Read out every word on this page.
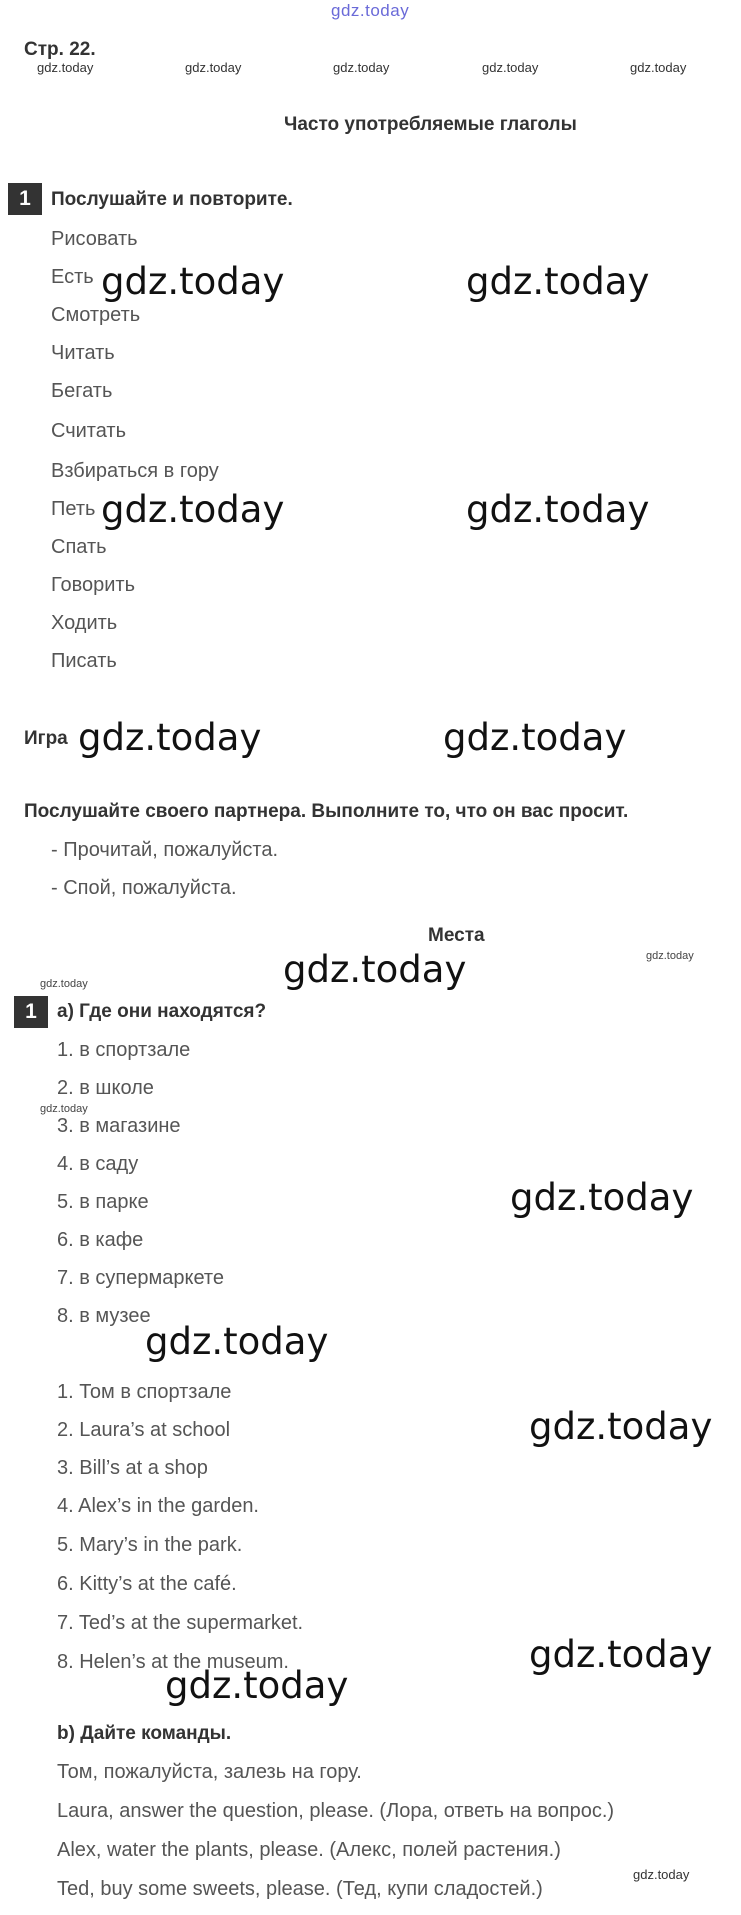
gdz.today
Стр. 22.
gdz.today	gdz.today	gdz.today	gdz.today	gdz.today
Часто употребляемые глаголы
1	Послушайте и повторите.
Рисовать
Есть
Смотреть
Читать
Бегать
Считать
Взбираться в гору
Петь
Спать
Говорить
Ходить
Писать
gdz.today	gdz.today
gdz.today	gdz.today
Игра gdz.today	gdz.today
Послушайте своего партнера. Выполните то, что он вас просит.
- Прочитай, пожалуйста.
- Спой, пожалуйста.
Места
gdz.today
gdz.today
gdz.today
1	a) Где они находятся?
gdz.today
1. в спортзале
2. в школе
3. в магазине
4. в саду
5. в парке
6. в кафе
7. в супермаркете
8. в музее
gdz.today
gdz.today
1. Том в спортзале
2. Laura’s at school
3. Bill’s at a shop
4. Alex’s in the garden.
5. Mary’s in the park.
6. Kitty’s at the café.
7. Ted’s at the supermarket.
8. Helen’s at the museum.
gdz.today
gdz.today
gdz.today
b) Дайте команды.
Том, пожалуйста, залезь на гору.
Laura, answer the question, please. (Лора, ответь на вопрос.)
Alex, water the plants, please. (Алекс, полей растения.)
Ted, buy some sweets, please. (Тед, купи сладостей.)
gdz.today
